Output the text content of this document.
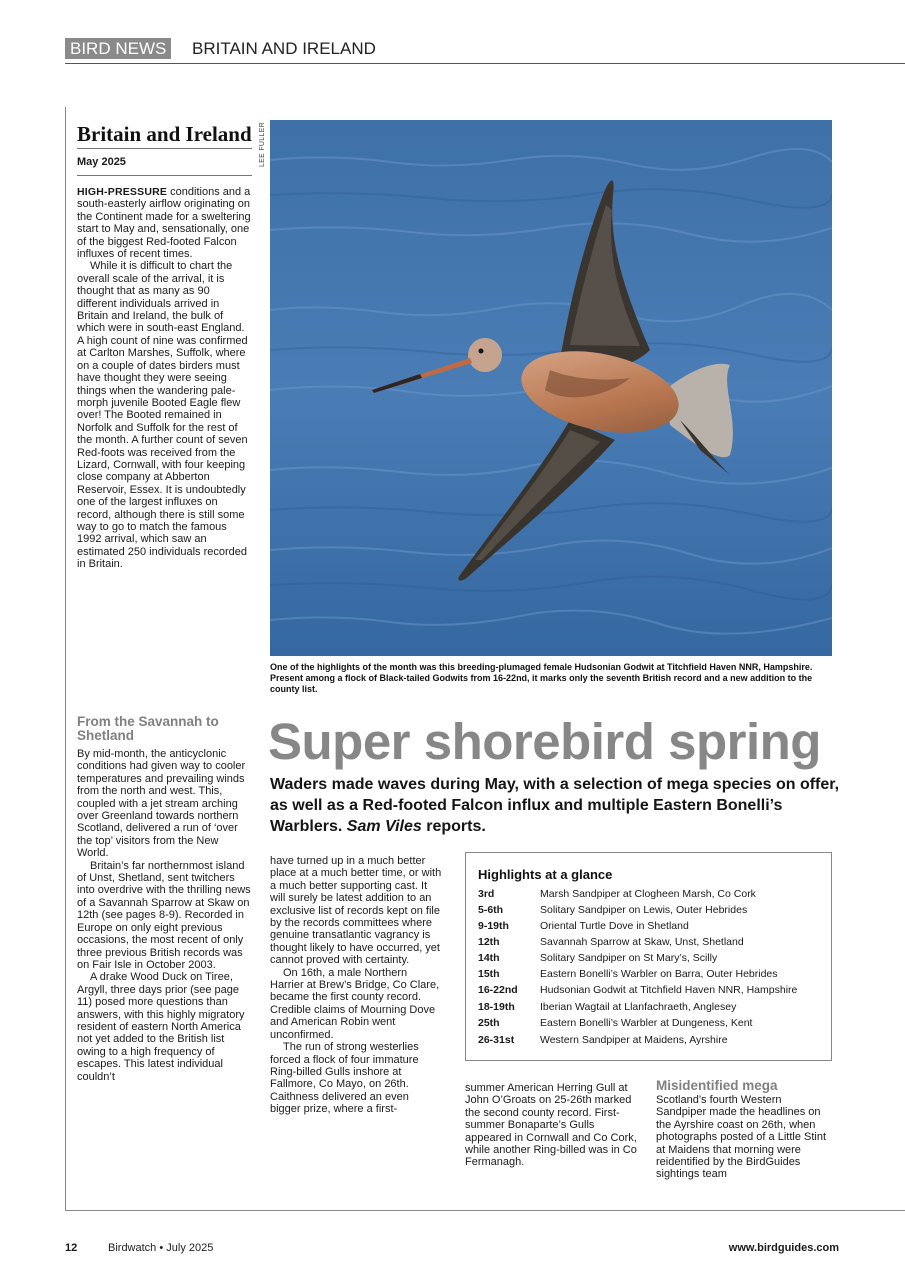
BIRD NEWS BRITAIN AND IRELAND
Britain and Ireland
May 2025

HIGH-PRESSURE conditions and a south-easterly airflow originating on the Continent made for a sweltering start to May and, sensationally, one of the biggest Red-footed Falcon influxes of recent times.

While it is difficult to chart the overall scale of the arrival, it is thought that as many as 90 different individuals arrived in Britain and Ireland, the bulk of which were in south-east England. A high count of nine was confirmed at Carlton Marshes, Suffolk, where on a couple of dates birders must have thought they were seeing things when the wandering pale-morph juvenile Booted Eagle flew over! The Booted remained in Norfolk and Suffolk for the rest of the month. A further count of seven Red-foots was received from the Lizard, Cornwall, with four keeping close company at Abberton Reservoir, Essex. It is undoubtedly one of the largest influxes on record, although there is still some way to go to match the famous 1992 arrival, which saw an estimated 250 individuals recorded in Britain.

From the Savannah to Shetland

By mid-month, the anticyclonic conditions had given way to cooler temperatures and prevailing winds from the north and west. This, coupled with a jet stream arching over Greenland towards northern Scotland, delivered a run of ‘over the top’ visitors from the New World.

Britain’s far northernmost island of Unst, Shetland, sent twitchers into overdrive with the thrilling news of a Savannah Sparrow at Skaw on 12th (see pages 8-9). Recorded in Europe on only eight previous occasions, the most recent of only three previous British records was on Fair Isle in October 2003.

A drake Wood Duck on Tiree, Argyll, three days prior (see page 11) posed more questions than answers, with this highly migratory resident of eastern North America not yet added to the British list owing to a high frequency of escapes. This latest individual couldn’t

LEE FULLER
One of the highlights of the month was this breeding-plumaged female Hudsonian Godwit at Titchfield Haven NNR, Hampshire. Present among a flock of Black-tailed Godwits from 16-22nd, it marks only the seventh British record and a new addition to the county list.
Super shorebird spring
Waders made waves during May, with a selection of mega species on offer, as well as a Red-footed Falcon influx and multiple Eastern Bonelli’s Warblers. Sam Viles reports.

have turned up in a much better place at a much better time, or with a much better supporting cast. It will surely be latest addition to an exclusive list of records kept on file by the records committees where genuine transatlantic vagrancy is thought likely to have occurred, yet cannot proved with certainty.

On 16th, a male Northern Harrier at Brew’s Bridge, Co Clare, became the first county record. Credible claims of Mourning Dove and American Robin went unconfirmed.

The run of strong westerlies forced a flock of four immature Ring-billed Gulls inshore at Fallmore, Co Mayo, on 26th. Caithness delivered an even bigger prize, where a first-

Highlights at a glance
3rd	Marsh Sandpiper at Clogheen Marsh, Co Cork
5-6th	Solitary Sandpiper on Lewis, Outer Hebrides
9-19th	Oriental Turtle Dove in Shetland
12th	Savannah Sparrow at Skaw, Unst, Shetland
14th	Solitary Sandpiper on St Mary’s, Scilly
15th	Eastern Bonelli’s Warbler on Barra, Outer Hebrides
16-22nd	Hudsonian Godwit at Titchfield Haven NNR, Hampshire
18-19th	Iberian Wagtail at Llanfachraeth, Anglesey
25th	Eastern Bonelli’s Warbler at Dungeness, Kent
26-31st	Western Sandpiper at Maidens, Ayrshire

summer American Herring Gull at John O’Groats on 25-26th marked the second county record. First-summer Bonaparte’s Gulls appeared in Cornwall and Co Cork, while another Ring-billed was in Co Fermanagh.

Misidentified mega

Scotland’s fourth Western Sandpiper made the headlines on the Ayrshire coast on 26th, when photographs posted of a Little Stint at Maidens that morning were reidentified by the BirdGuides sightings team

12	Birdwatch • July 2025	www.birdguides.com
